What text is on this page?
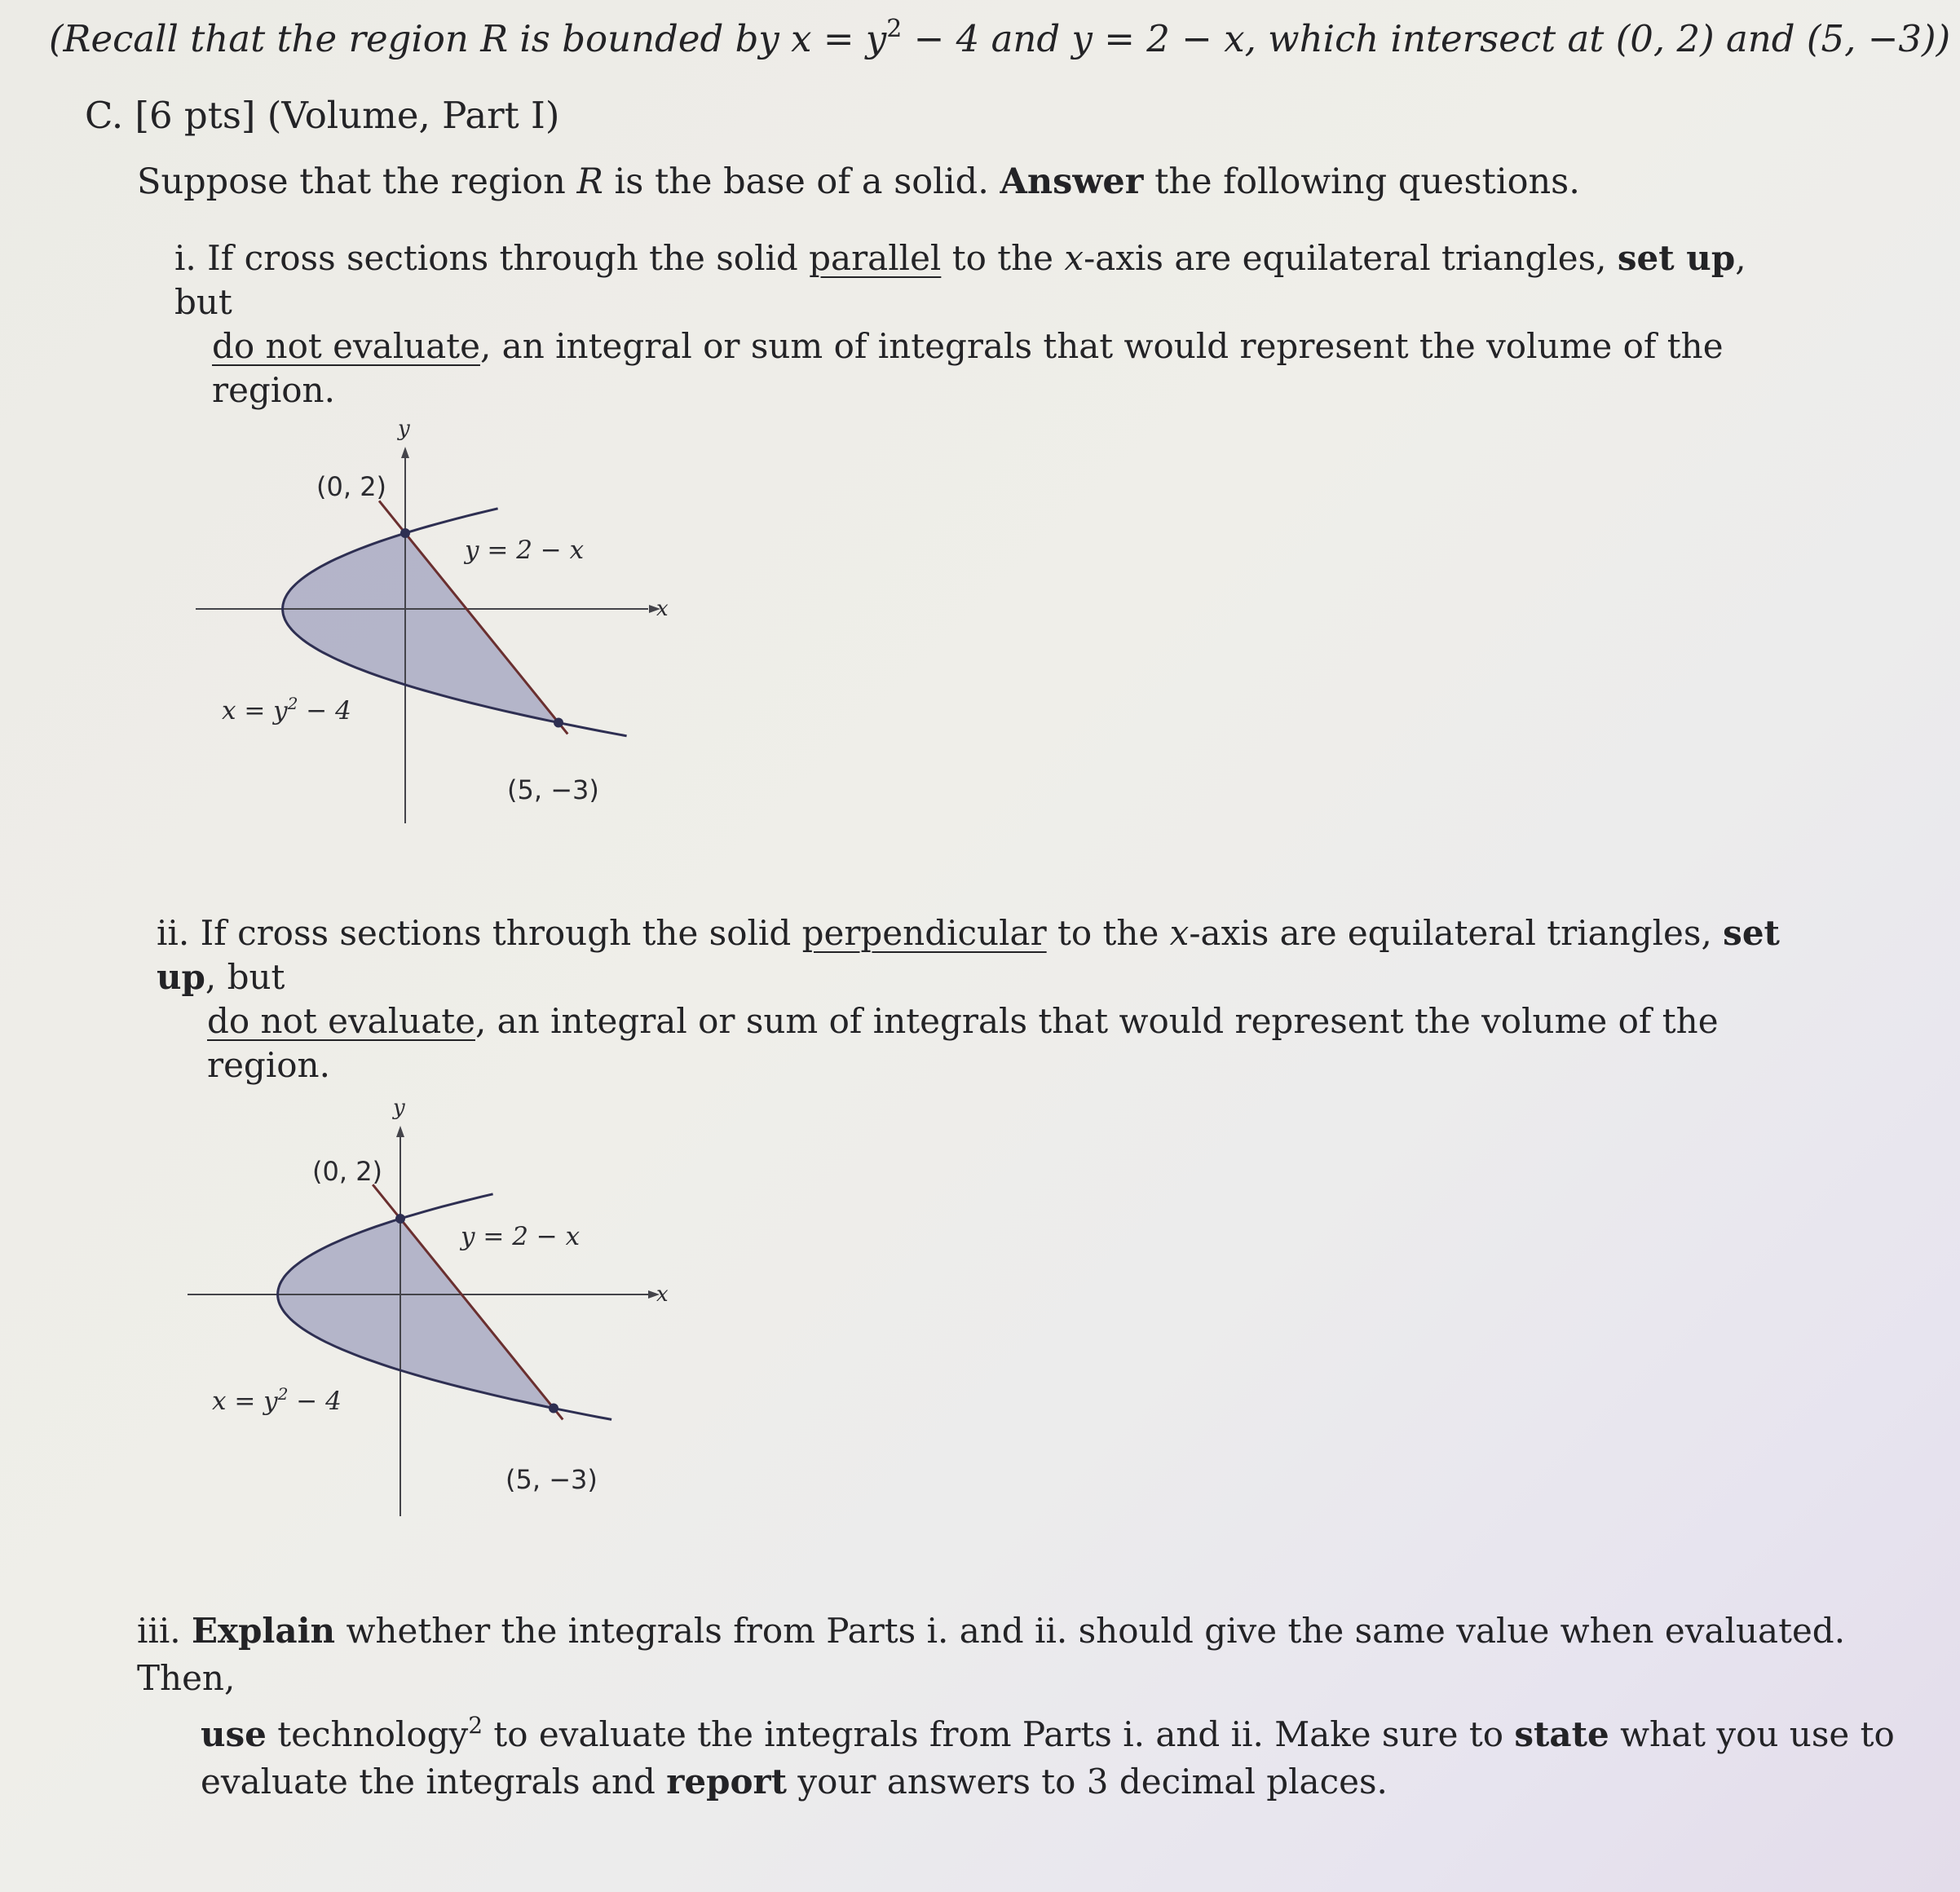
(Recall that the region R is bounded by $x = y^2 - 4$ and y = 2 − x, which intersect at (0, 2) and (5, −3))

C. [6 pts] (Volume, Part I)

Suppose that the region R is the base of a solid. Answer the following questions.

i. If cross sections through the solid parallel to the x-axis are equilateral triangles, set up, but
do not evaluate, an integral or sum of integrals that would represent the volume of the region.
y
x
(0, 2)
y = 2 − x
(5, −3)
$x = y^2 - 4$
ii. If cross sections through the solid perpendicular to the x-axis are equilateral triangles, set up, but
do not evaluate, an integral or sum of integrals that would represent the volume of the region.
y
x
(0, 2)
y = 2 − x
(5, −3)
$x = y^2 - 4$
iii. Explain whether the integrals from Parts i. and ii. should give the same value when evaluated. Then,
use technology$^2$ to evaluate the integrals from Parts i. and ii. Make sure to state what you use to
evaluate the integrals and report your answers to 3 decimal places.
